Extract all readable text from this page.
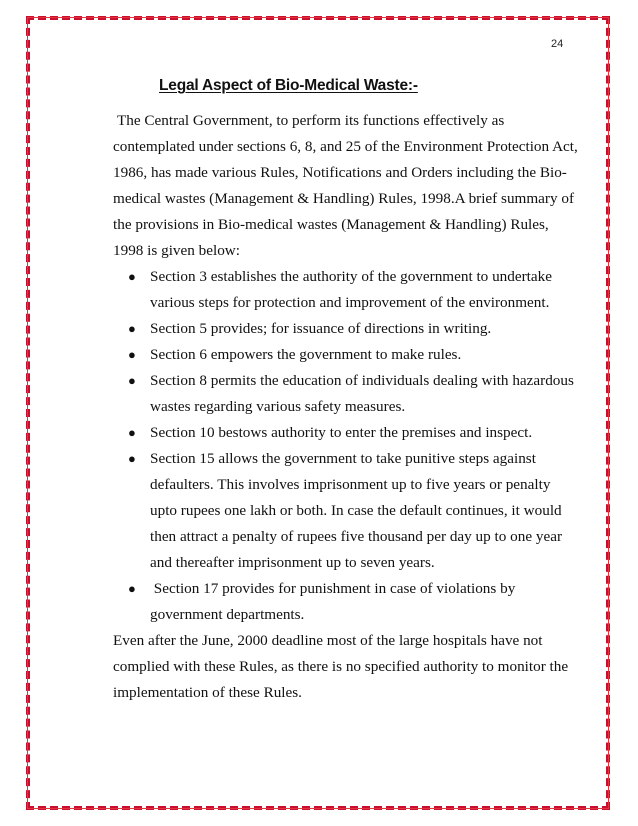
24
Legal Aspect of Bio-Medical Waste:-

The Central Government, to perform its functions effectively as
contemplated under sections 6, 8, and 25 of the Environment Protection Act,
1986, has made various Rules, Notifications and Orders including the Bio-
medical wastes (Management & Handling) Rules, 1998.A brief summary of
the provisions in Bio-medical wastes (Management & Handling) Rules,
1998 is given below:

● Section 3 establishes the authority of the government to undertake
various steps for protection and improvement of the environment.
● Section 5 provides; for issuance of directions in writing.
● Section 6 empowers the government to make rules.
● Section 8 permits the education of individuals dealing with hazardous
wastes regarding various safety measures.
● Section 10 bestows authority to enter the premises and inspect.
● Section 15 allows the government to take punitive steps against
defaulters. This involves imprisonment up to five years or penalty
upto rupees one lakh or both. In case the default continues, it would
then attract a penalty of rupees five thousand per day up to one year
and thereafter imprisonment up to seven years.
● Section 17 provides for punishment in case of violations by
government departments.

Even after the June, 2000 deadline most of the large hospitals have not
complied with these Rules, as there is no specified authority to monitor the
implementation of these Rules.
